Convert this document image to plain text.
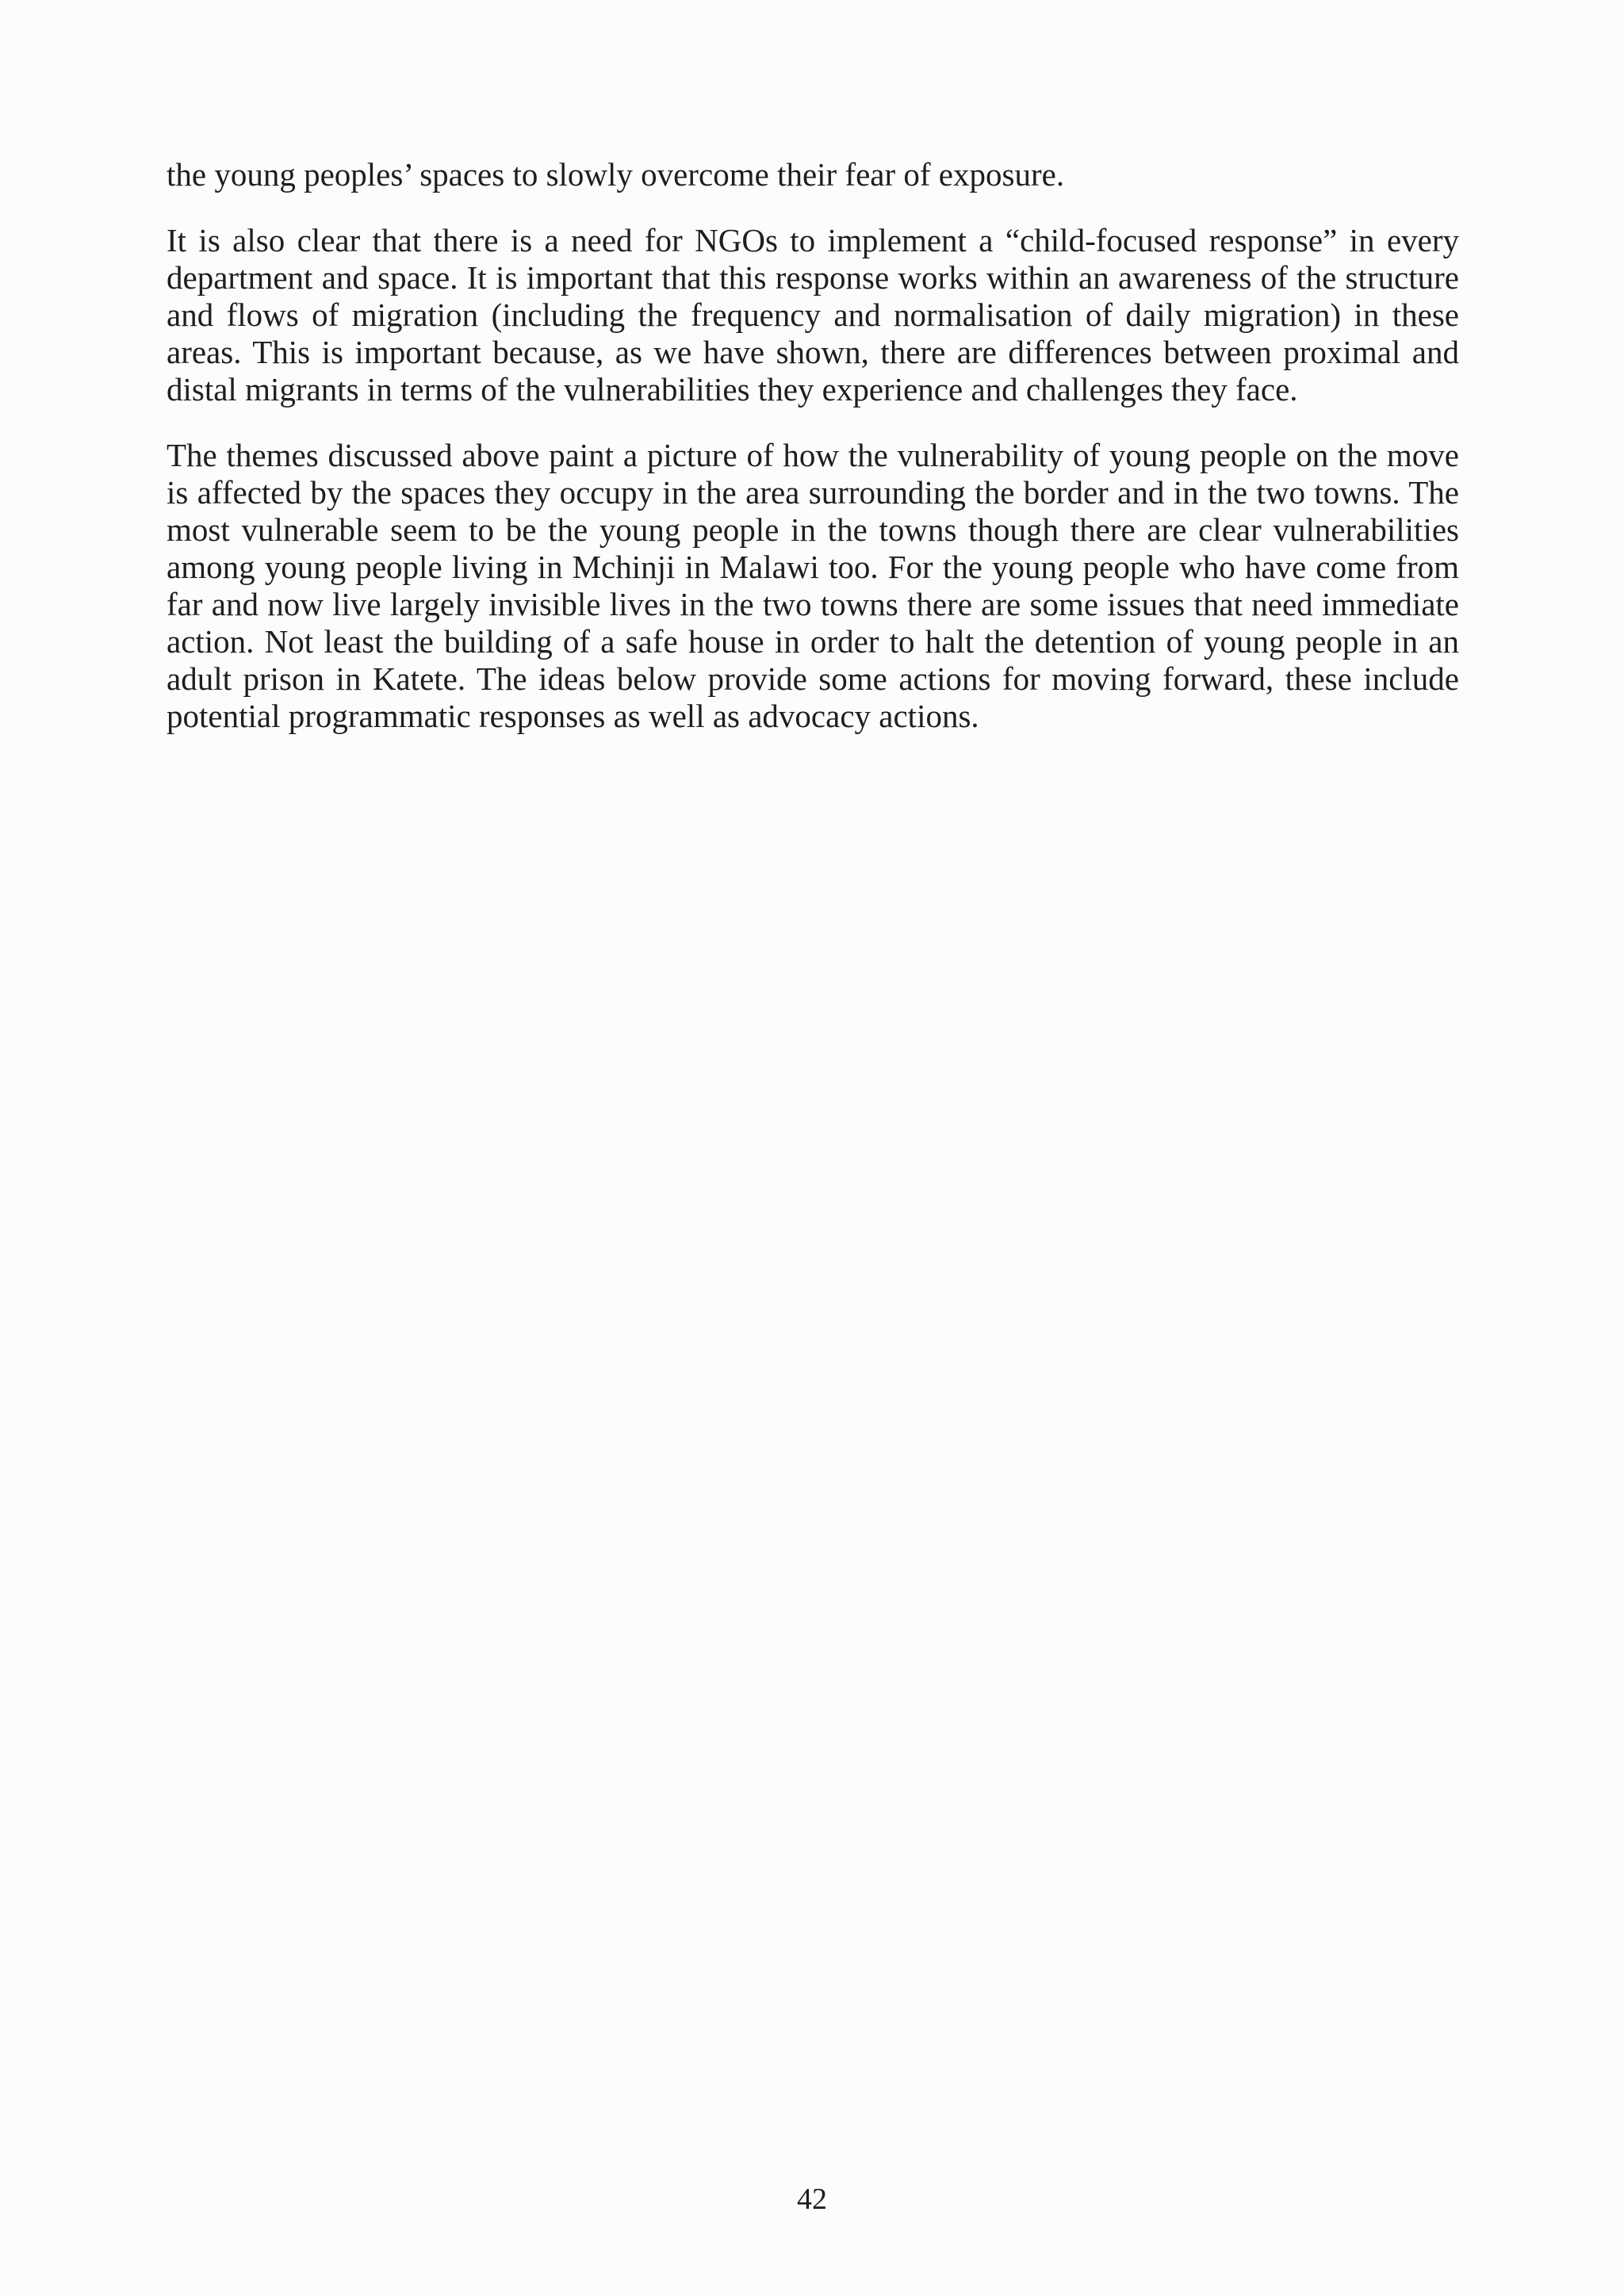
the young peoples’ spaces to slowly overcome their fear of exposure.

It is also clear that there is a need for NGOs to implement a “child-focused response” in every department and space. It is important that this response works within an awareness of the structure and flows of migration (including the frequency and normalisation of daily migration) in these areas. This is important because, as we have shown, there are differences between proximal and distal migrants in terms of the vulnerabilities they experience and challenges they face.

The themes discussed above paint a picture of how the vulnerability of young people on the move is affected by the spaces they occupy in the area surrounding the border and in the two towns. The most vulnerable seem to be the young people in the towns though there are clear vulnerabilities among young people living in Mchinji in Malawi too. For the young people who have come from far and now live largely invisible lives in the two towns there are some issues that need immediate action. Not least the building of a safe house in order to halt the detention of young people in an adult prison in Katete. The ideas below provide some actions for moving forward, these include potential programmatic responses as well as advocacy actions.

42
